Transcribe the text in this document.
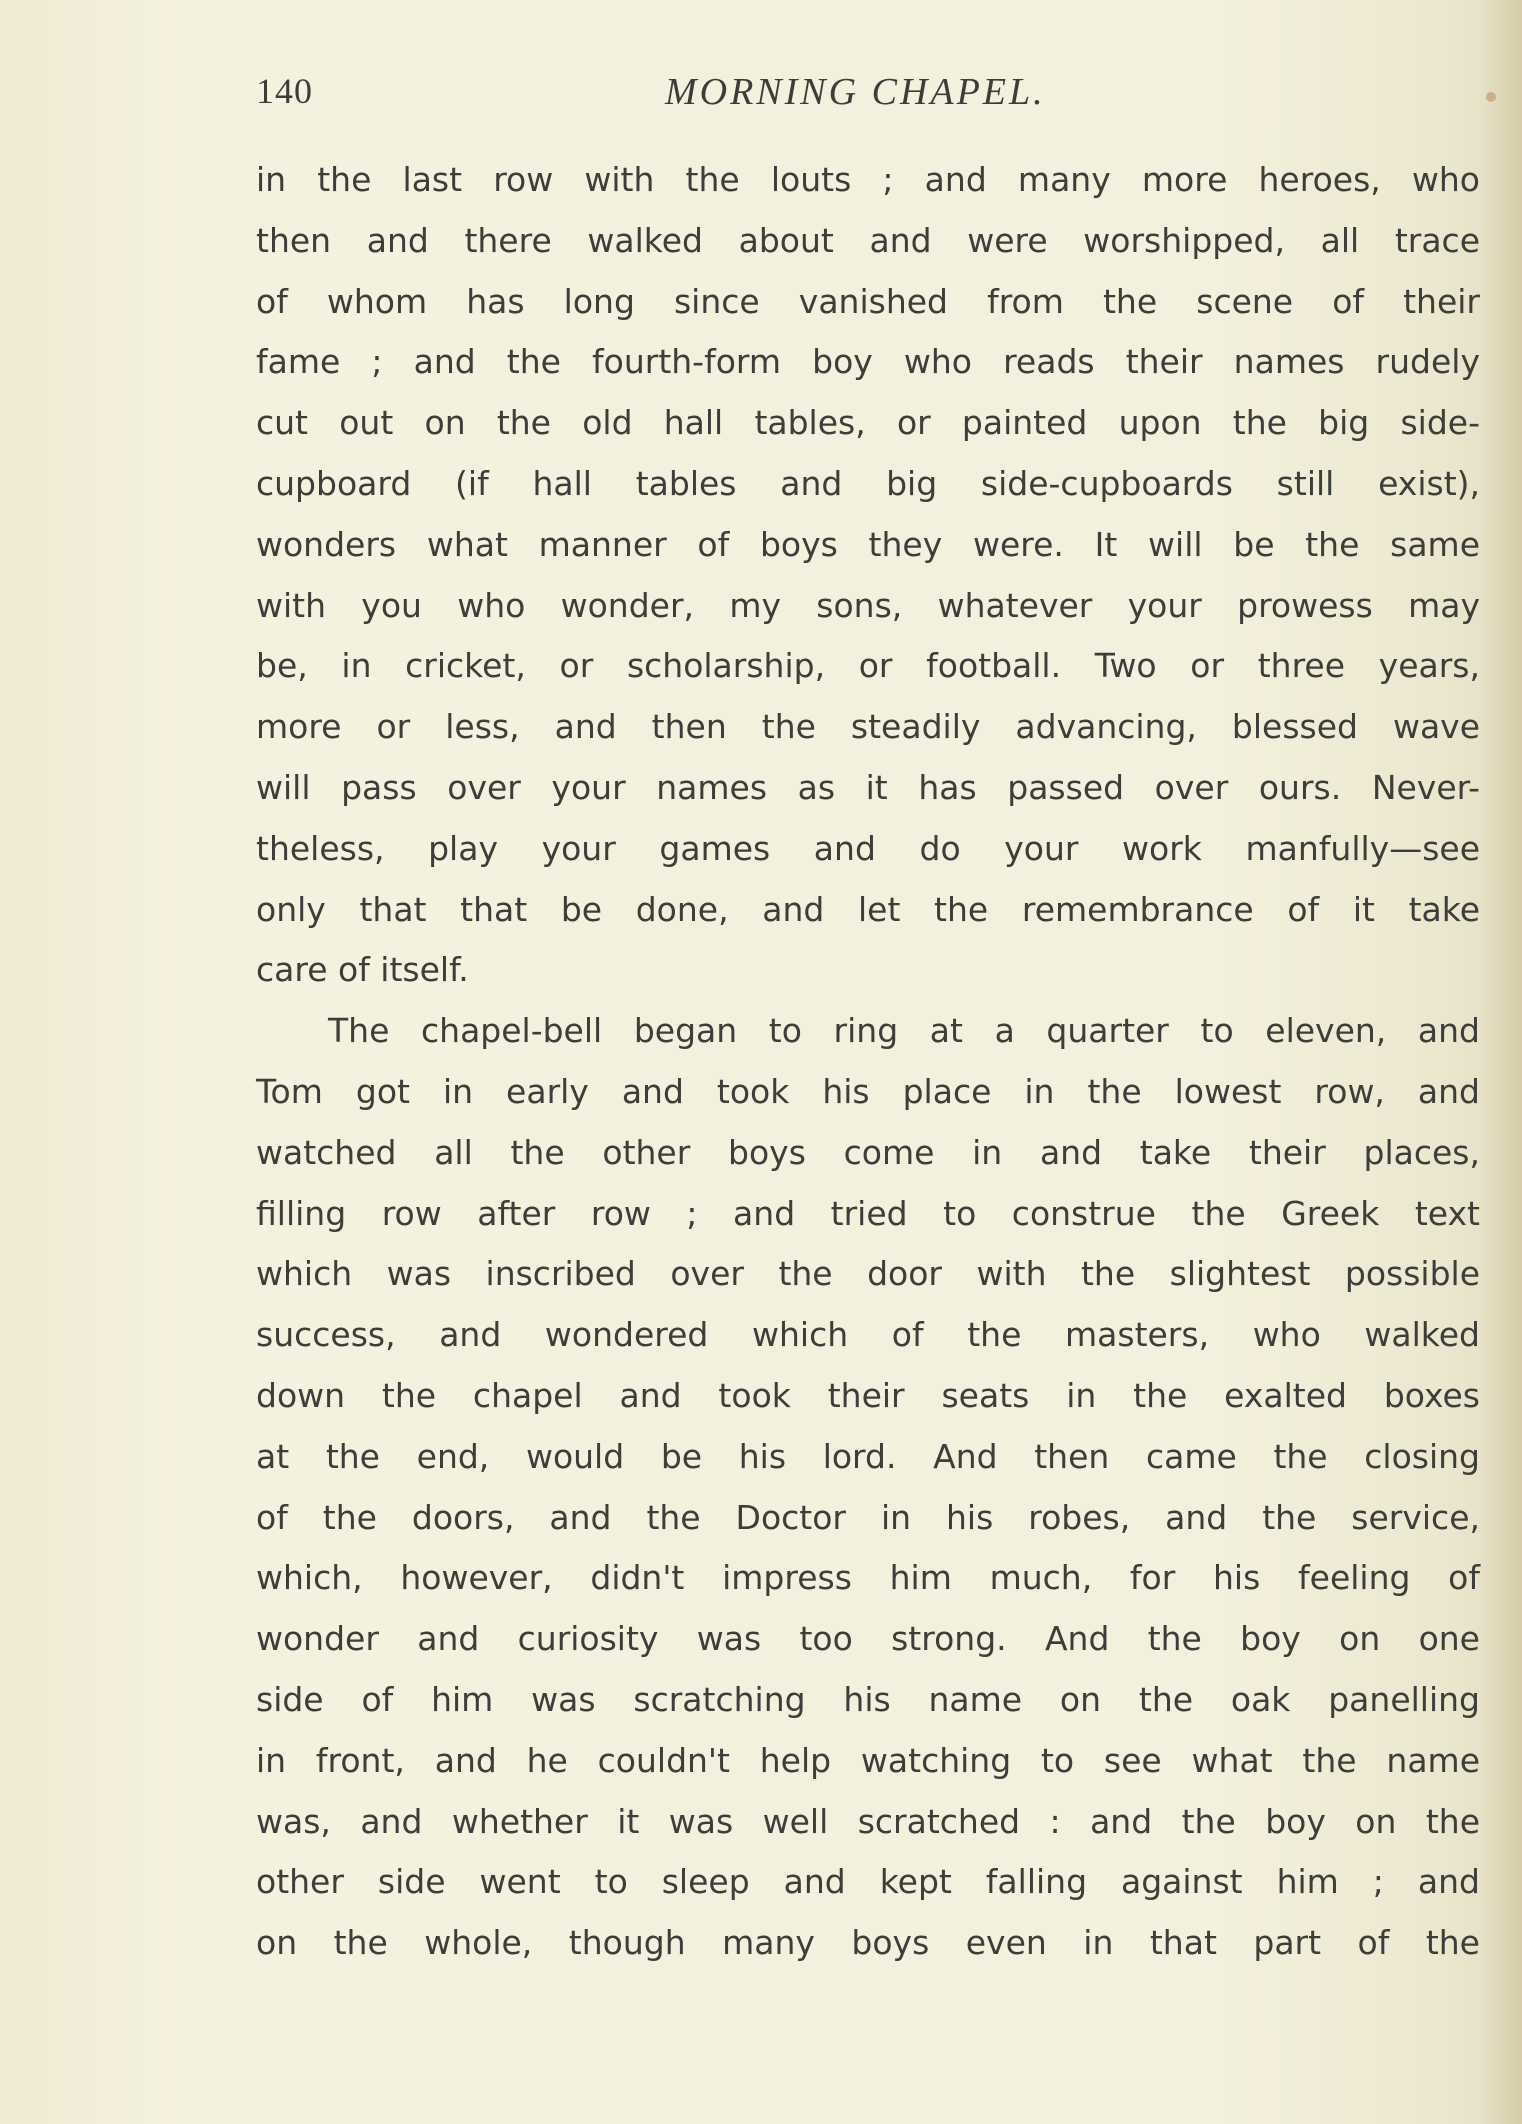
140	MORNING CHAPEL.
in the last row with the louts ; and many more heroes, who
then and there walked about and were worshipped, all trace
of whom has long since vanished from the scene of their
fame ; and the fourth-form boy who reads their names rudely
cut out on the old hall tables, or painted upon the big side-
cupboard (if hall tables and big side-cupboards still exist),
wonders what manner of boys they were. It will be the same
with you who wonder, my sons, whatever your prowess may
be, in cricket, or scholarship, or football. Two or three years,
more or less, and then the steadily advancing, blessed wave
will pass over your names as it has passed over ours. Never-
theless, play your games and do your work manfully—see
only that that be done, and let the remembrance of it take
care of itself.
The chapel-bell began to ring at a quarter to eleven, and
Tom got in early and took his place in the lowest row, and
watched all the other boys come in and take their places,
filling row after row ; and tried to construe the Greek text
which was inscribed over the door with the slightest possible
success, and wondered which of the masters, who walked
down the chapel and took their seats in the exalted boxes
at the end, would be his lord. And then came the closing
of the doors, and the Doctor in his robes, and the service,
which, however, didn't impress him much, for his feeling of
wonder and curiosity was too strong. And the boy on one
side of him was scratching his name on the oak panelling
in front, and he couldn't help watching to see what the name
was, and whether it was well scratched : and the boy on the
other side went to sleep and kept falling against him ; and
on the whole, though many boys even in that part of the
